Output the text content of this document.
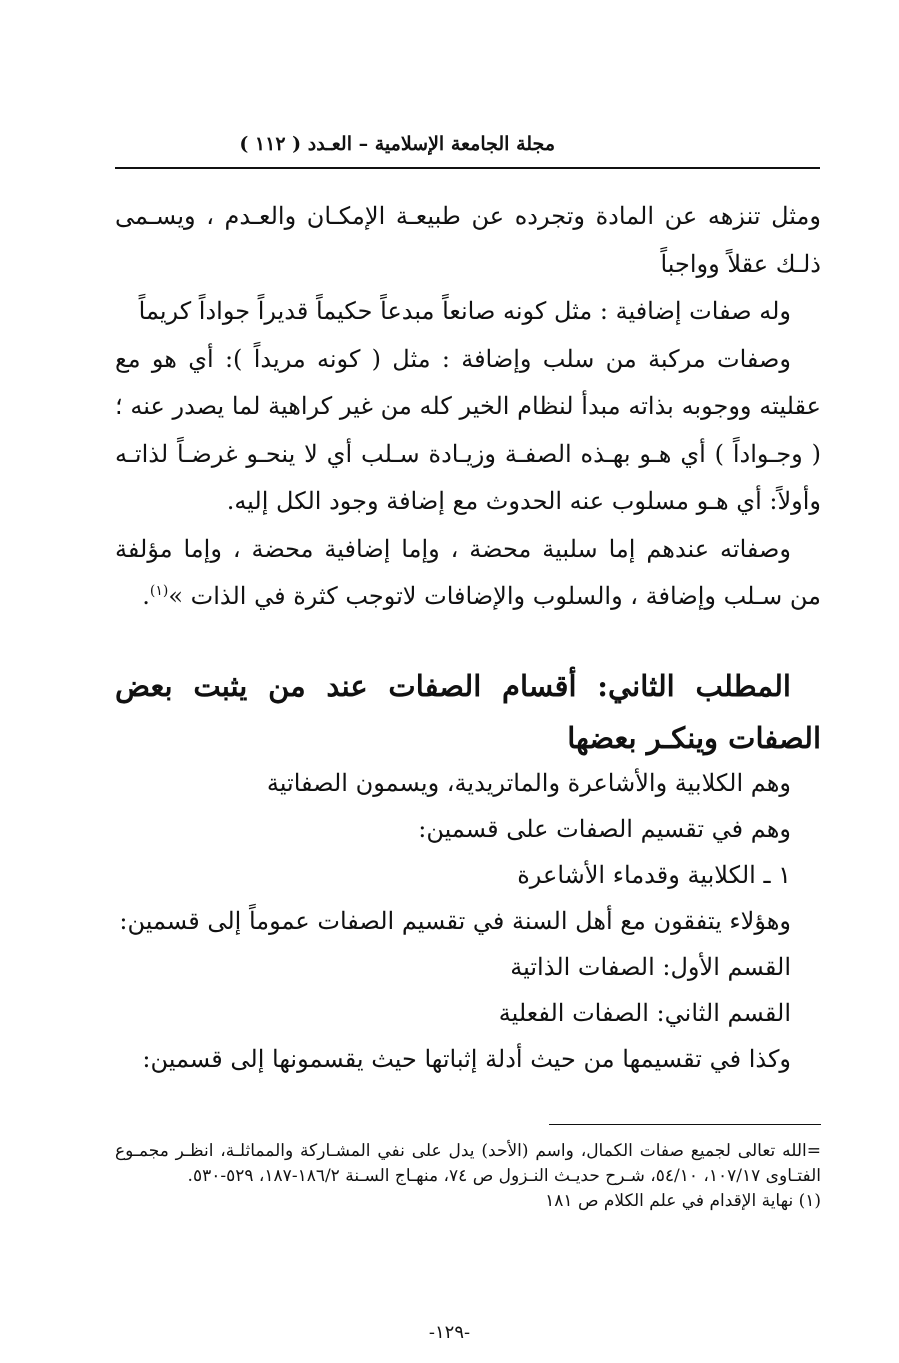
مجلة الجامعة الإسلامية – العـدد ( ١١٢ )

ومثل تنزهه عن المادة وتجرده عن طبيعـة الإمكـان والعـدم ، ويسـمى ذلـك عقلاً وواجباً

وله صفات إضافية : مثل كونه صانعاً مبدعاً حكيماً قديراً جواداً كريماً

وصفات مركبة من سلب وإضافة : مثل ( كونه مريداً ): أي هو مع عقليته ووجوبه بذاته مبدأ لنظام الخير كله من غير كراهية لما يصدر عنه ؛ ( وجـواداً ) أي هـو بهـذه الصفـة وزيـادة سـلب أي لا ينحـو غرضـاً لذاتـه وأولاً: أي هـو مسلوب عنه الحدوث مع إضافة وجود الكل إليه.

وصفاته عندهم إما سلبية محضة ، وإما إضافية محضة ، وإما مؤلفة من سـلب وإضافة ، والسلوب والإضافات لاتوجب كثرة في الذات »$^{(١)}$.

المطلب الثاني: أقسام الصفات عند من يثبت بعض الصفات وينكـر بعضها

وهم الكلابية والأشاعرة والماتريدية، ويسمون الصفاتية

وهم في تقسيم الصفات على قسمين:

١ ـ الكلابية وقدماء الأشاعرة

وهؤلاء يتفقون مع أهل السنة في تقسيم الصفات عموماً إلى قسمين:

القسم الأول: الصفات الذاتية

القسم الثاني: الصفات الفعلية

وكذا في تقسيمها من حيث أدلة إثباتها حيث يقسمونها إلى قسمين:

=الله تعالى لجميع صفات الكمال، واسم (الأحد) يدل على نفي المشـاركة والمماثلـة، انظـر مجمـوع الفتـاوى ١٠٧/١٧، ٥٤/١٠، شـرح حديـث النـزول ص ٧٤، منهـاج السـنة ١٨٦/٢-١٨٧، ٥٢٩-٥٣٠.

(١) نهاية الإقدام في علم الكلام ص ١٨١

-١٢٩-
